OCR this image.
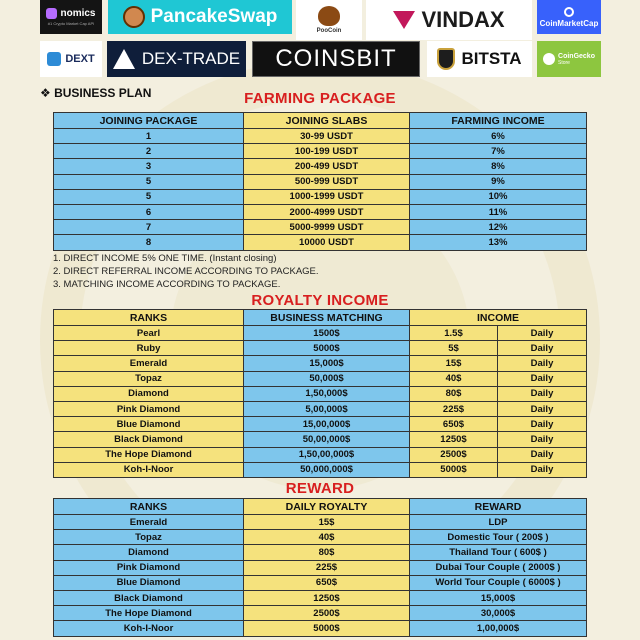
nomics
#1 Crypto Market Cap API	PancakeSwap
PooCoin	VINDAX	CoinMarketCap
DEXT	DEX-TRADE COINSBIT	BITSTA	CoinGecko
Store
❖ BUSINESS PLAN	FARMING PACKAGE
JOINING PACKAGE	JOINING SLABS	FARMING INCOME
1	30-99 USDT	6%
2	100-199 USDT	7%
3	200-499 USDT	8%
5	500-999 USDT	9%
5	1000-1999 USDT	10%
6	2000-4999 USDT	11%
7	5000-9999 USDT	12%
8	10000 USDT	13%
1. DIRECT INCOME 5% ONE TIME. (Instant closing)
2. DIRECT REFERRAL INCOME ACCORDING TO PACKAGE.
3. MATCHING INCOME ACCORDING TO PACKAGE.
ROYALTY INCOME
RANKS	BUSINESS MATCHING	INCOME	
Pearl	1500$	1.5$	Daily
Ruby	5000$	5$	Daily
Emerald	15,000$	15$	Daily
Topaz	50,000$	40$	Daily
Diamond	1,50,000$	80$	Daily
Pink Diamond	5,00,000$	225$	Daily
Blue Diamond	15,00,000$	650$	Daily
Black Diamond	50,00,000$	1250$	Daily
The Hope Diamond	1,50,00,000$	2500$	Daily
Koh-I-Noor	50,000,000$	5000$	Daily
REWARD
RANKS	DAILY ROYALTY	REWARD
Emerald	15$	LDP
Topaz	40$	Domestic Tour ( 200$ )
Diamond	80$	Thailand Tour ( 600$ )
Pink Diamond	225$	Dubai Tour Couple ( 2000$ )
Blue Diamond	650$	World Tour Couple ( 6000$ )
Black Diamond	1250$	15,000$
The Hope Diamond	2500$	30,000$
Koh-I-Noor	5000$	1,00,000$
